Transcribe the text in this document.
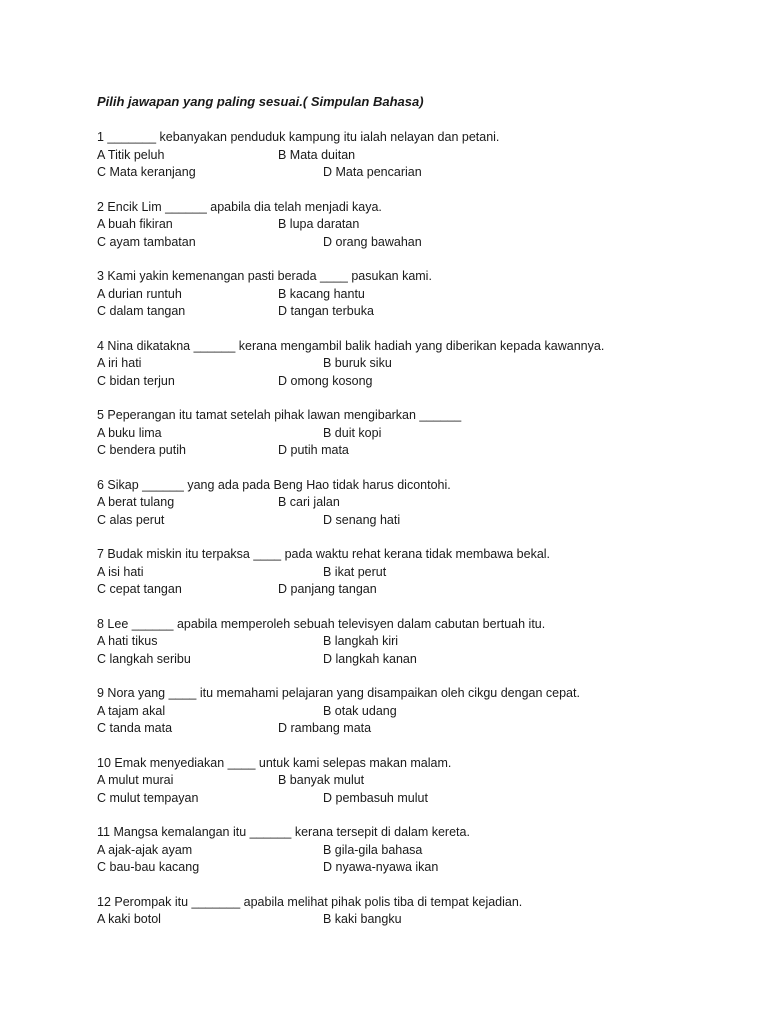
Pilih jawapan yang paling sesuai.( Simpulan Bahasa)
1 _______ kebanyakan penduduk kampung itu ialah nelayan dan petani.
A Titik peluh	B Mata duitan
C Mata keranjang	D Mata pencarian
2 Encik Lim ______ apabila dia telah menjadi kaya.
A buah fikiran	B lupa daratan
C ayam tambatan	D orang bawahan
3 Kami yakin kemenangan pasti berada ____ pasukan kami.
A durian runtuh	B kacang hantu
C dalam tangan	D tangan terbuka
4 Nina dikatakna ______ kerana mengambil balik hadiah yang diberikan kepada kawannya.
A iri hati	B buruk siku
C bidan terjun	D omong kosong
5 Peperangan itu tamat setelah pihak lawan mengibarkan ______
A buku lima	B duit kopi
C bendera putih	D putih mata
6 Sikap ______ yang ada pada Beng Hao tidak harus dicontohi.
A berat tulang	B cari jalan
C alas perut	D senang hati
7 Budak miskin itu terpaksa ____ pada waktu rehat kerana tidak membawa bekal.
A isi hati	B ikat perut
C cepat tangan	D panjang tangan
8 Lee ______ apabila memperoleh sebuah televisyen dalam cabutan bertuah itu.
A hati tikus	B langkah kiri
C langkah seribu	D langkah kanan
9 Nora yang ____ itu memahami pelajaran yang disampaikan oleh cikgu dengan cepat.
A tajam akal	B otak udang
C tanda mata	D rambang mata
10 Emak menyediakan ____ untuk kami selepas makan malam.
A mulut murai	B banyak mulut
C mulut tempayan	D pembasuh mulut
11 Mangsa kemalangan itu ______ kerana tersepit di dalam kereta.
A ajak-ajak ayam	B gila-gila bahasa
C bau-bau kacang	D nyawa-nyawa ikan
12 Perompak itu _______ apabila melihat pihak polis tiba di tempat kejadian.
A kaki botol	B kaki bangku
